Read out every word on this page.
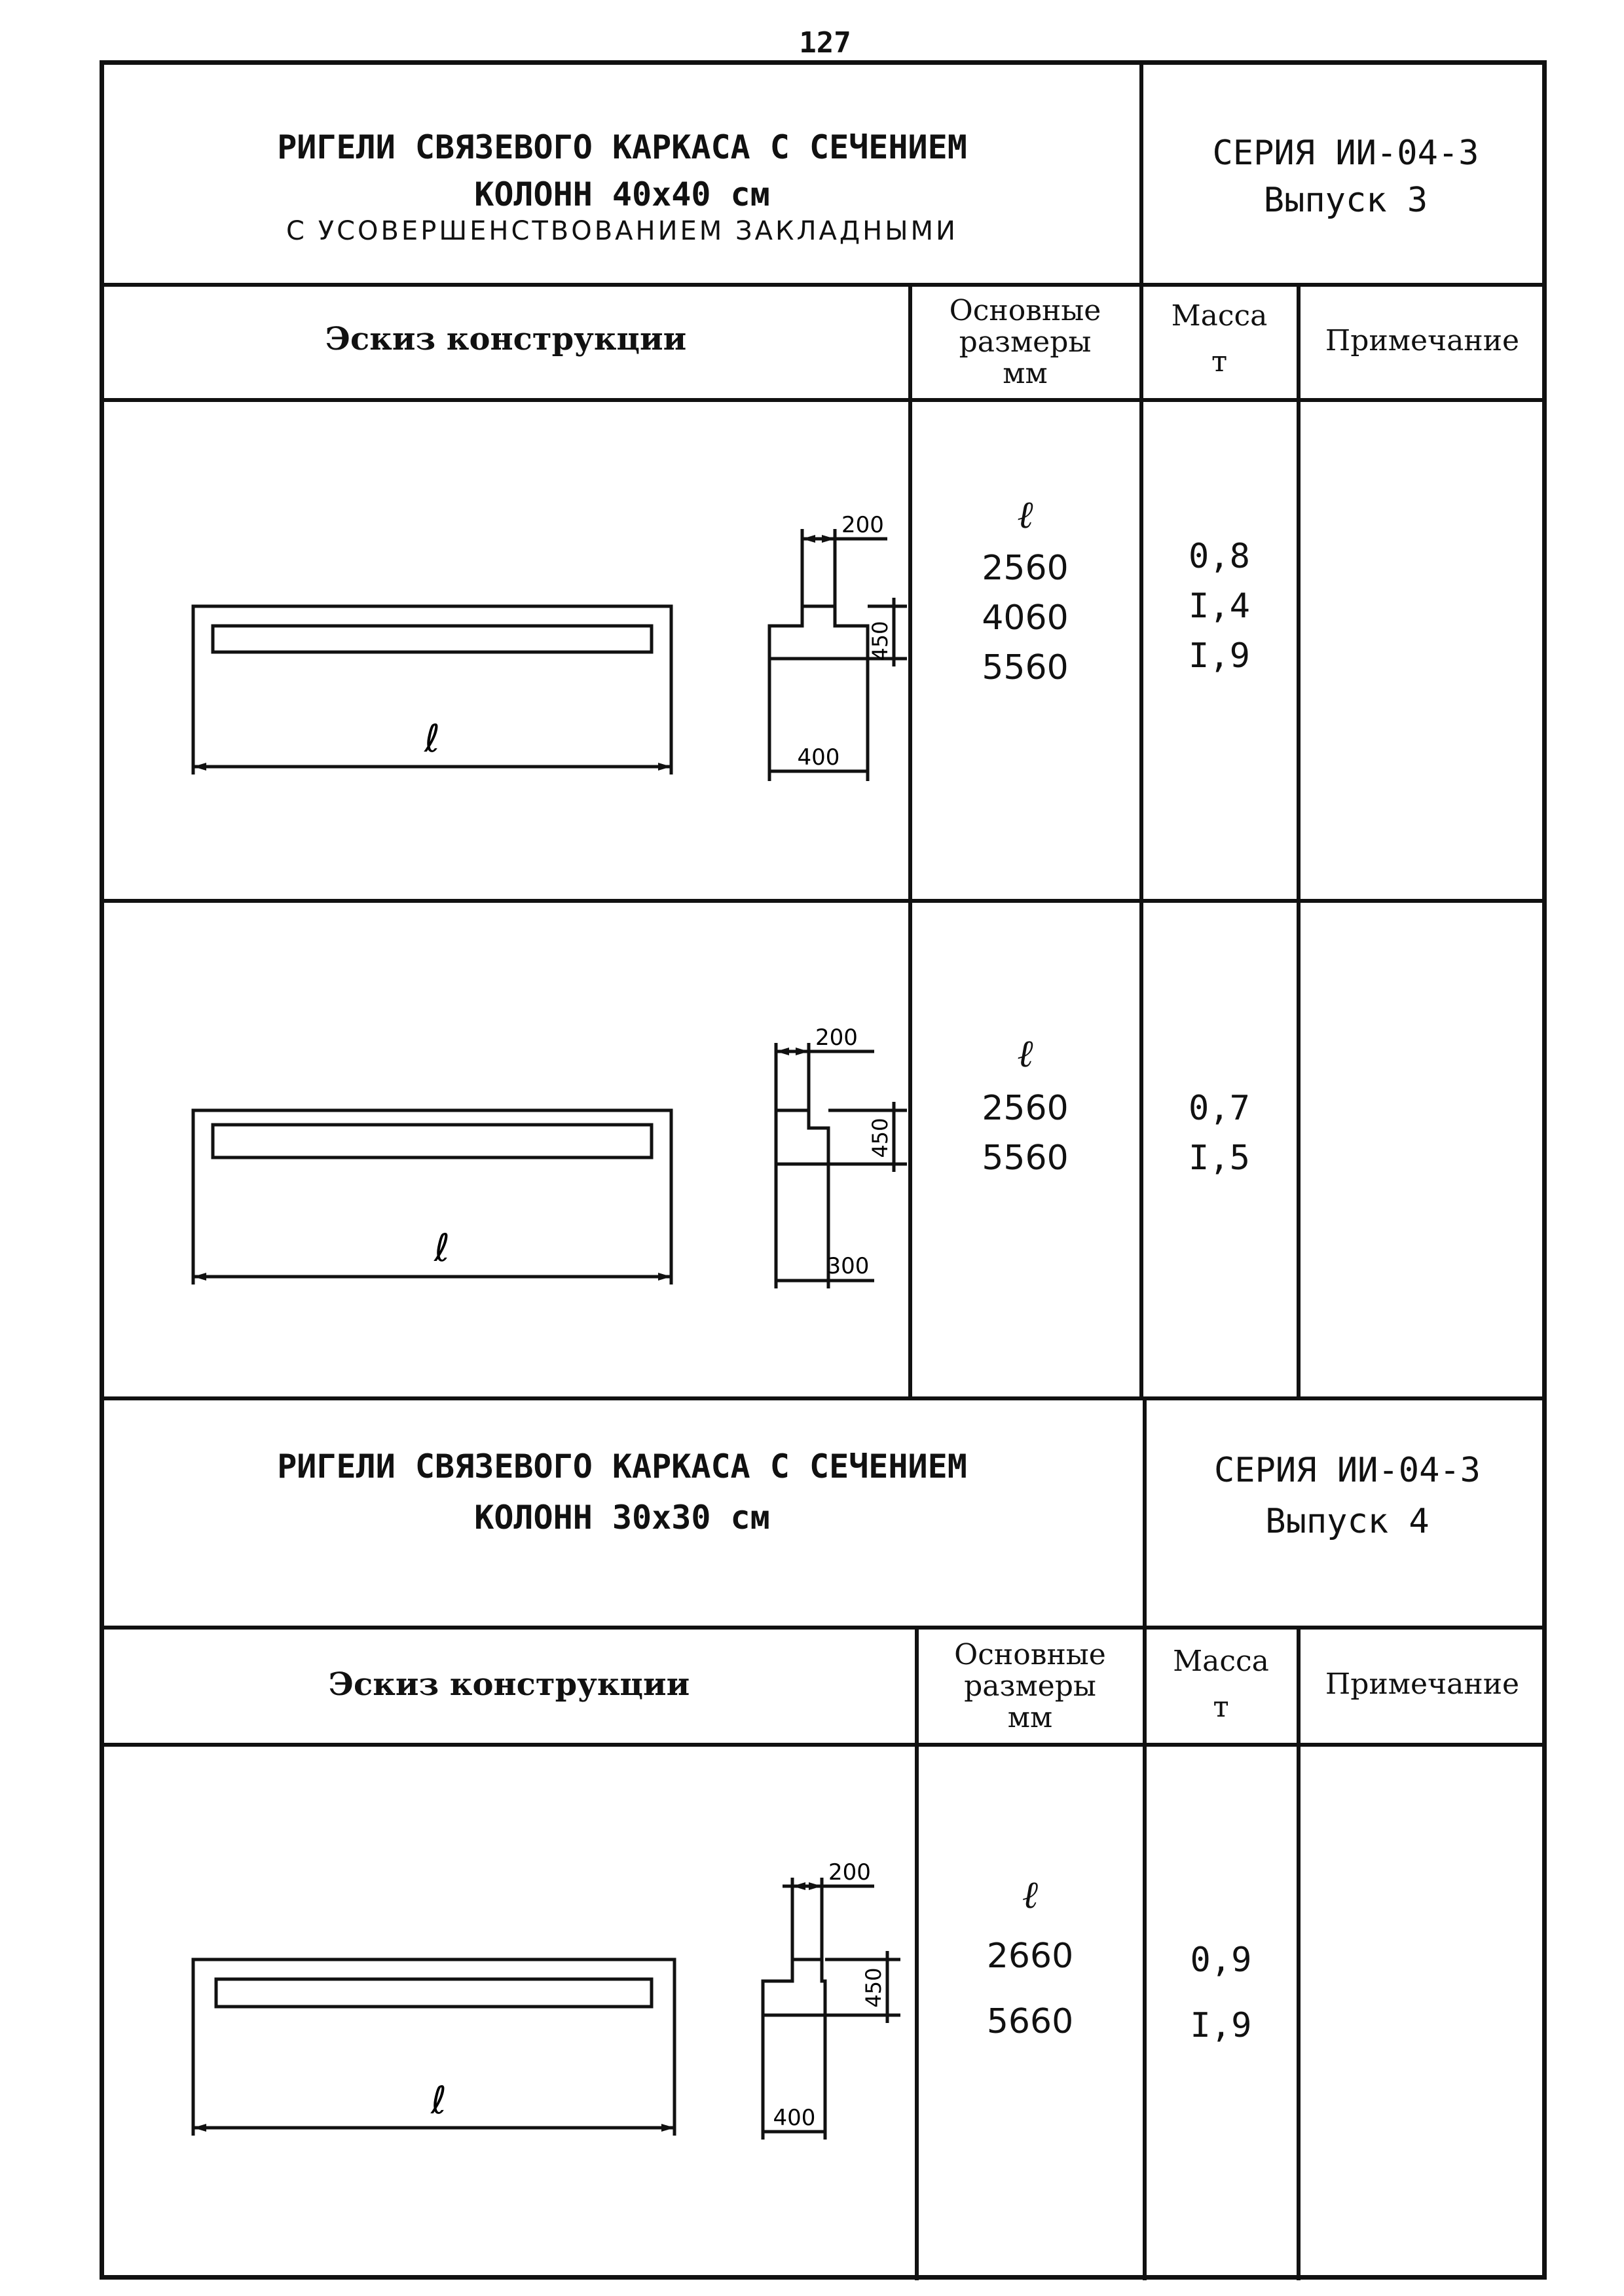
127
РИГЕЛИ СВЯЗЕВОГО КАРКАСА С СЕЧЕНИЕМ
КОЛОНН 40х40 см
С УСОВЕРШЕНСТВОВАНИЕМ ЗАКЛАДНЫМИ
СЕРИЯ ИИ-04-3
Выпуск 3
Эскиз конструкции
Основные
размеры
мм
Масса
т
Примечание
ℓ
200
450
400
ℓ
2560
4060
5560
0,8
I,4
I,9
ℓ
200
450
300
ℓ
2560
5560
0,7
I,5
РИГЕЛИ СВЯЗЕВОГО КАРКАСА С СЕЧЕНИЕМ
КОЛОНН 30х30 см
СЕРИЯ ИИ-04-3
Выпуск 4
Эскиз конструкции
Основные
размеры
мм
Масса
т
Примечание
ℓ
200
450
400
ℓ
2660
5660
0,9
I,9
